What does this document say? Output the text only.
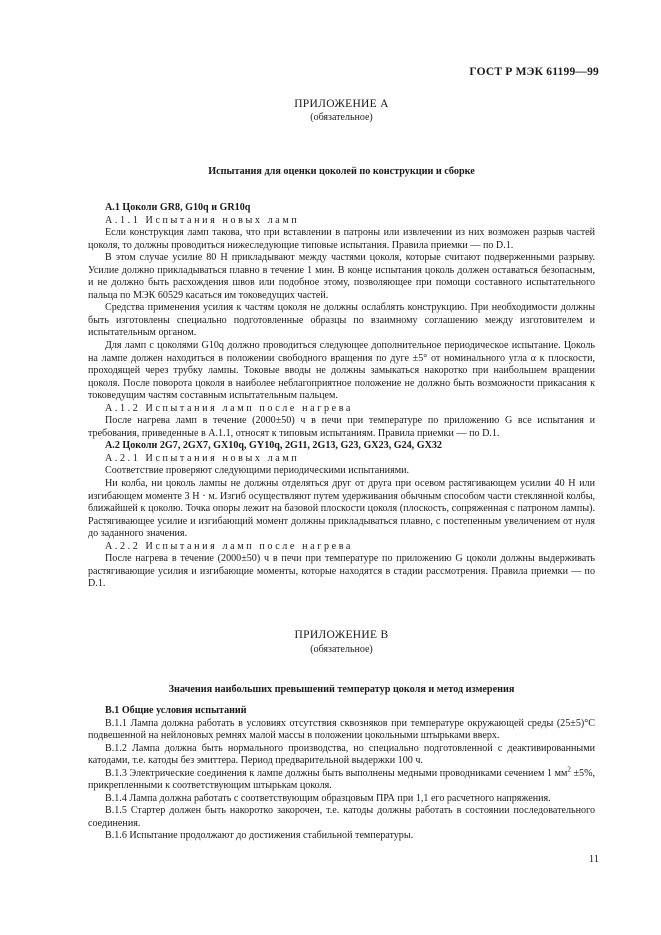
ГОСТ Р МЭК 61199—99
ПРИЛОЖЕНИЕ А
(обязательное)
Испытания для оценки цоколей по конструкции и сборке

А.1 Цоколи GR8, G10q и GR10q

А.1.1 Испытания новых ламп

Если конструкция ламп такова, что при вставлении в патроны или извлечении из них возможен разрыв частей цоколя, то должны проводиться нижеследующие типовые испытания. Правила приемки — по D.1.

В этом случае усилие 80 Н прикладывают между частями цоколя, которые считают подверженными разрыву. Усилие должно прикладываться плавно в течение 1 мин. В конце испытания цоколь должен оставаться безопасным, и не должно быть расхождения швов или подобное этому, позволяющее при помощи составного испытательного пальца по МЭК 60529 касаться им токоведущих частей.

Средства применения усилия к частям цоколя не должны ослаблять конструкцию. При необходимости должны быть изготовлены специально подготовленные образцы по взаимному соглашению между изготовителем и испытательным органом.

Для ламп с цоколями G10q должно проводиться следующее дополнительное периодическое испытание. Цоколь на лампе должен находиться в положении свободного вращения по дуге ±5° от номинального угла α к плоскости, проходящей через трубку лампы. Токовые вводы не должны замыкаться накоротко при наибольшем вращении цоколя. После поворота цоколя в наиболее неблагоприятное положение не должно быть возможности прикасания к токоведущим частям составным испытательным пальцем.

А.1.2 Испытания ламп после нагрева

После нагрева ламп в течение (2000±50) ч в печи при температуре по приложению G все испытания и требования, приведенные в А.1.1, относят к типовым испытаниям. Правила приемки — по D.1.

А.2 Цоколи 2G7, 2GX7, GX10q, GY10q, 2G11, 2G13, G23, GX23, G24, GX32

А.2.1 Испытания новых ламп

Соответствие проверяют следующими периодическими испытаниями.

Ни колба, ни цоколь лампы не должны отделяться друг от друга при осевом растягивающем усилии 40 Н или изгибающем моменте 3 Н · м. Изгиб осуществляют путем удерживания обычным способом части стеклянной колбы, ближайшей к цоколю. Точка опоры лежит на базовой плоскости цоколя (плоскость, сопряженная с патроном лампы). Растягивающее усилие и изгибающий момент должны прикладываться плавно, с постепенным увеличением от нуля до заданного значения.

А.2.2 Испытания ламп после нагрева

После нагрева в течение (2000±50) ч в печи при температуре по приложению G цоколи должны выдерживать растягивающие усилия и изгибающие моменты, которые находятся в стадии рассмотрения. Правила приемки — по D.1.

ПРИЛОЖЕНИЕ В
(обязательное)
Значения наибольших превышений температур цоколя и метод измерения

В.1 Общие условия испытаний

В.1.1 Лампа должна работать в условиях отсутствия сквозняков при температуре окружающей среды (25±5)°С подвешенной на нейлоновых ремнях малой массы в положении цокольными штырьками вверх.

В.1.2 Лампа должна быть нормального производства, но специально подготовленной с деактивированными катодами, т.е. катоды без эмиттера. Период предварительной выдержки 100 ч.

В.1.3 Электрические соединения к лампе должны быть выполнены медными проводниками сечением 1 $мм^2 \pm 5\%$, прикрепленными к соответствующим штырькам цоколя.

В.1.4 Лампа должна работать с соответствующим образцовым ПРА при 1,1 его расчетного напряжения.

В.1.5 Стартер должен быть накоротко закорочен, т.е. катоды должны работать в состоянии последовательного соединения.

В.1.6 Испытание продолжают до достижения стабильной температуры.

11
